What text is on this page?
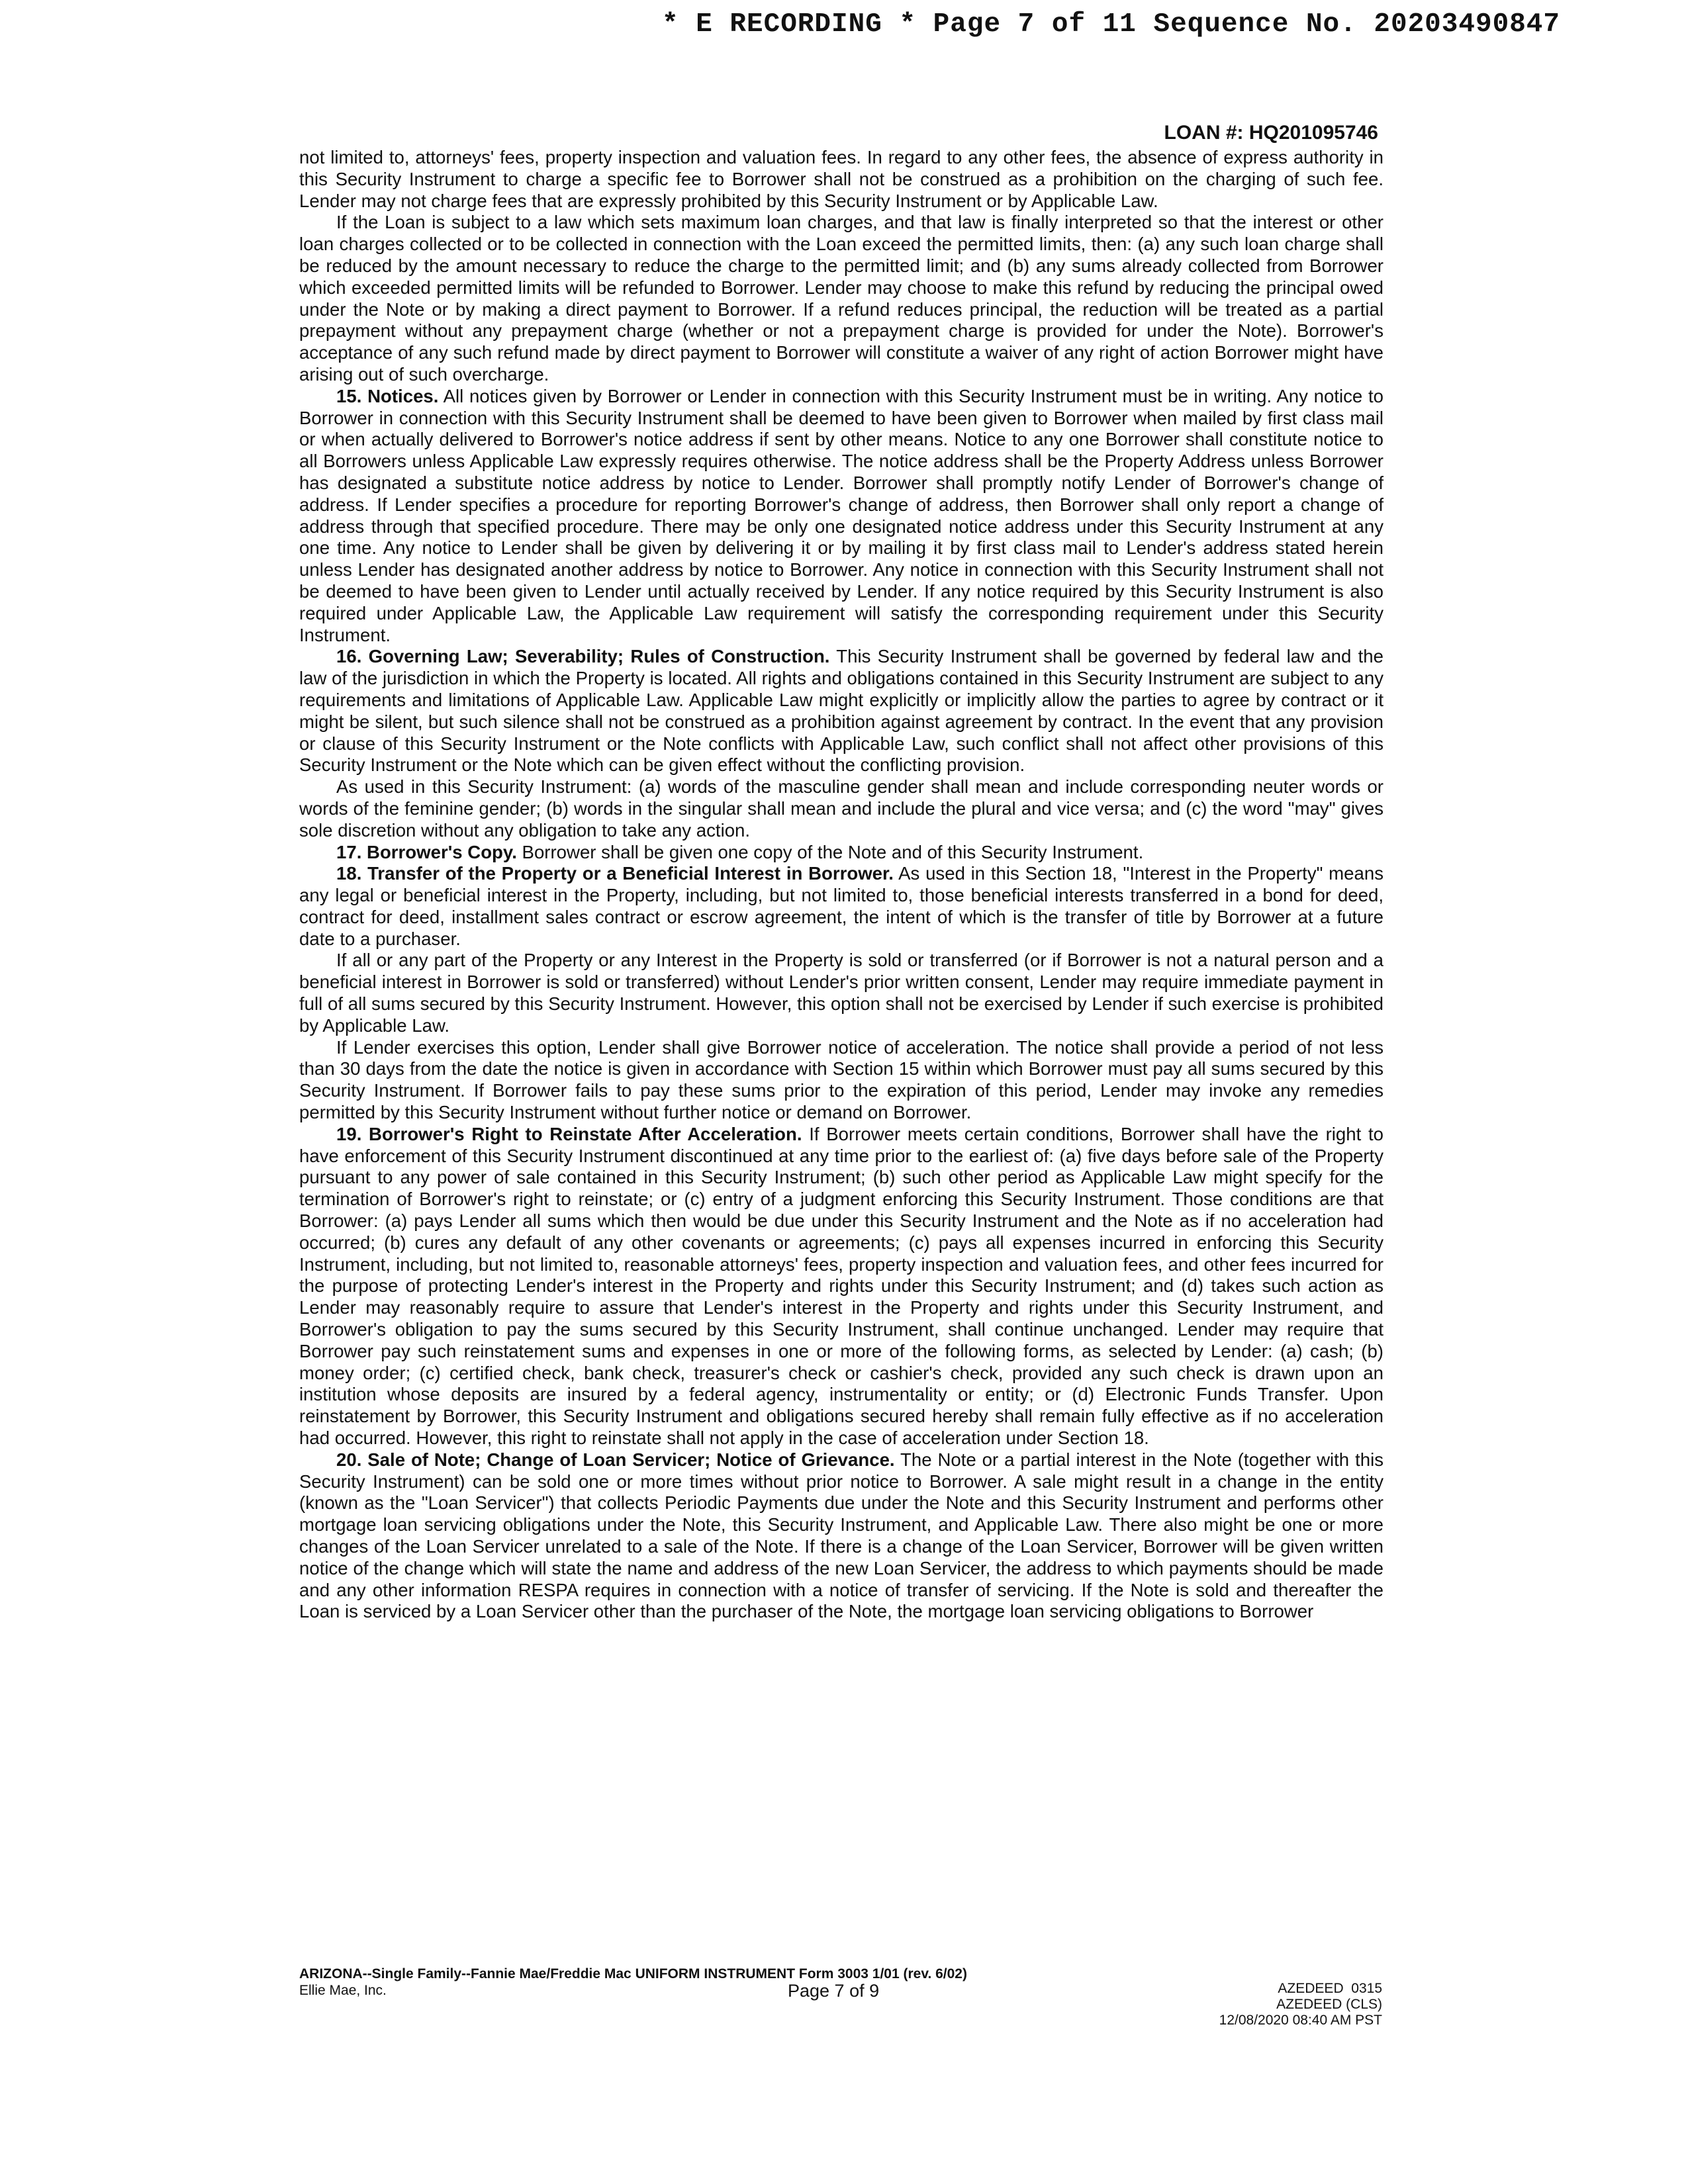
* E RECORDING * Page 7 of 11 Sequence No. 20203490847
LOAN #: HQ201095746

not limited to, attorneys' fees, property inspection and valuation fees. In regard to any other fees, the absence of express authority in this Security Instrument to charge a specific fee to Borrower shall not be construed as a prohibition on the charging of such fee. Lender may not charge fees that are expressly prohibited by this Security Instrument or by Applicable Law.

If the Loan is subject to a law which sets maximum loan charges, and that law is finally interpreted so that the interest or other loan charges collected or to be collected in connection with the Loan exceed the permitted limits, then: (a) any such loan charge shall be reduced by the amount necessary to reduce the charge to the permitted limit; and (b) any sums already collected from Borrower which exceeded permitted limits will be refunded to Borrower. Lender may choose to make this refund by reducing the principal owed under the Note or by making a direct payment to Borrower. If a refund reduces principal, the reduction will be treated as a partial prepayment without any prepayment charge (whether or not a prepayment charge is provided for under the Note). Borrower's acceptance of any such refund made by direct payment to Borrower will constitute a waiver of any right of action Borrower might have arising out of such overcharge.

15. Notices. All notices given by Borrower or Lender in connection with this Security Instrument must be in writing. Any notice to Borrower in connection with this Security Instrument shall be deemed to have been given to Borrower when mailed by first class mail or when actually delivered to Borrower's notice address if sent by other means. Notice to any one Borrower shall constitute notice to all Borrowers unless Applicable Law expressly requires otherwise. The notice address shall be the Property Address unless Borrower has designated a substitute notice address by notice to Lender. Borrower shall promptly notify Lender of Borrower's change of address. If Lender specifies a procedure for reporting Borrower's change of address, then Borrower shall only report a change of address through that specified procedure. There may be only one designated notice address under this Security Instrument at any one time. Any notice to Lender shall be given by delivering it or by mailing it by first class mail to Lender's address stated herein unless Lender has designated another address by notice to Borrower. Any notice in connection with this Security Instrument shall not be deemed to have been given to Lender until actually received by Lender. If any notice required by this Security Instrument is also required under Applicable Law, the Applicable Law requirement will satisfy the corresponding requirement under this Security Instrument.

16. Governing Law; Severability; Rules of Construction. This Security Instrument shall be governed by federal law and the law of the jurisdiction in which the Property is located. All rights and obligations contained in this Security Instrument are subject to any requirements and limitations of Applicable Law. Applicable Law might explicitly or implicitly allow the parties to agree by contract or it might be silent, but such silence shall not be construed as a prohibition against agreement by contract. In the event that any provision or clause of this Security Instrument or the Note conflicts with Applicable Law, such conflict shall not affect other provisions of this Security Instrument or the Note which can be given effect without the conflicting provision.

As used in this Security Instrument: (a) words of the masculine gender shall mean and include corresponding neuter words or words of the feminine gender; (b) words in the singular shall mean and include the plural and vice versa; and (c) the word "may" gives sole discretion without any obligation to take any action.

17. Borrower's Copy. Borrower shall be given one copy of the Note and of this Security Instrument.

18. Transfer of the Property or a Beneficial Interest in Borrower. As used in this Section 18, "Interest in the Property" means any legal or beneficial interest in the Property, including, but not limited to, those beneficial interests transferred in a bond for deed, contract for deed, installment sales contract or escrow agreement, the intent of which is the transfer of title by Borrower at a future date to a purchaser.

If all or any part of the Property or any Interest in the Property is sold or transferred (or if Borrower is not a natural person and a beneficial interest in Borrower is sold or transferred) without Lender's prior written consent, Lender may require immediate payment in full of all sums secured by this Security Instrument. However, this option shall not be exercised by Lender if such exercise is prohibited by Applicable Law.

If Lender exercises this option, Lender shall give Borrower notice of acceleration. The notice shall provide a period of not less than 30 days from the date the notice is given in accordance with Section 15 within which Borrower must pay all sums secured by this Security Instrument. If Borrower fails to pay these sums prior to the expiration of this period, Lender may invoke any remedies permitted by this Security Instrument without further notice or demand on Borrower.

19. Borrower's Right to Reinstate After Acceleration. If Borrower meets certain conditions, Borrower shall have the right to have enforcement of this Security Instrument discontinued at any time prior to the earliest of: (a) five days before sale of the Property pursuant to any power of sale contained in this Security Instrument; (b) such other period as Applicable Law might specify for the termination of Borrower's right to reinstate; or (c) entry of a judgment enforcing this Security Instrument. Those conditions are that Borrower: (a) pays Lender all sums which then would be due under this Security Instrument and the Note as if no acceleration had occurred; (b) cures any default of any other covenants or agreements; (c) pays all expenses incurred in enforcing this Security Instrument, including, but not limited to, reasonable attorneys' fees, property inspection and valuation fees, and other fees incurred for the purpose of protecting Lender's interest in the Property and rights under this Security Instrument; and (d) takes such action as Lender may reasonably require to assure that Lender's interest in the Property and rights under this Security Instrument, and Borrower's obligation to pay the sums secured by this Security Instrument, shall continue unchanged. Lender may require that Borrower pay such reinstatement sums and expenses in one or more of the following forms, as selected by Lender: (a) cash; (b) money order; (c) certified check, bank check, treasurer's check or cashier's check, provided any such check is drawn upon an institution whose deposits are insured by a federal agency, instrumentality or entity; or (d) Electronic Funds Transfer. Upon reinstatement by Borrower, this Security Instrument and obligations secured hereby shall remain fully effective as if no acceleration had occurred. However, this right to reinstate shall not apply in the case of acceleration under Section 18.

20. Sale of Note; Change of Loan Servicer; Notice of Grievance. The Note or a partial interest in the Note (together with this Security Instrument) can be sold one or more times without prior notice to Borrower. A sale might result in a change in the entity (known as the "Loan Servicer") that collects Periodic Payments due under the Note and this Security Instrument and performs other mortgage loan servicing obligations under the Note, this Security Instrument, and Applicable Law. There also might be one or more changes of the Loan Servicer unrelated to a sale of the Note. If there is a change of the Loan Servicer, Borrower will be given written notice of the change which will state the name and address of the new Loan Servicer, the address to which payments should be made and any other information RESPA requires in connection with a notice of transfer of servicing. If the Note is sold and thereafter the Loan is serviced by a Loan Servicer other than the purchaser of the Note, the mortgage loan servicing obligations to Borrower

ARIZONA--Single Family--Fannie Mae/Freddie Mac UNIFORM INSTRUMENT Form 3003 1/01 (rev. 6/02)
Ellie Mae, Inc.	Page 7 of 9	AZEDEED  0315
AZEDEED (CLS)
12/08/2020 08:40 AM PST
